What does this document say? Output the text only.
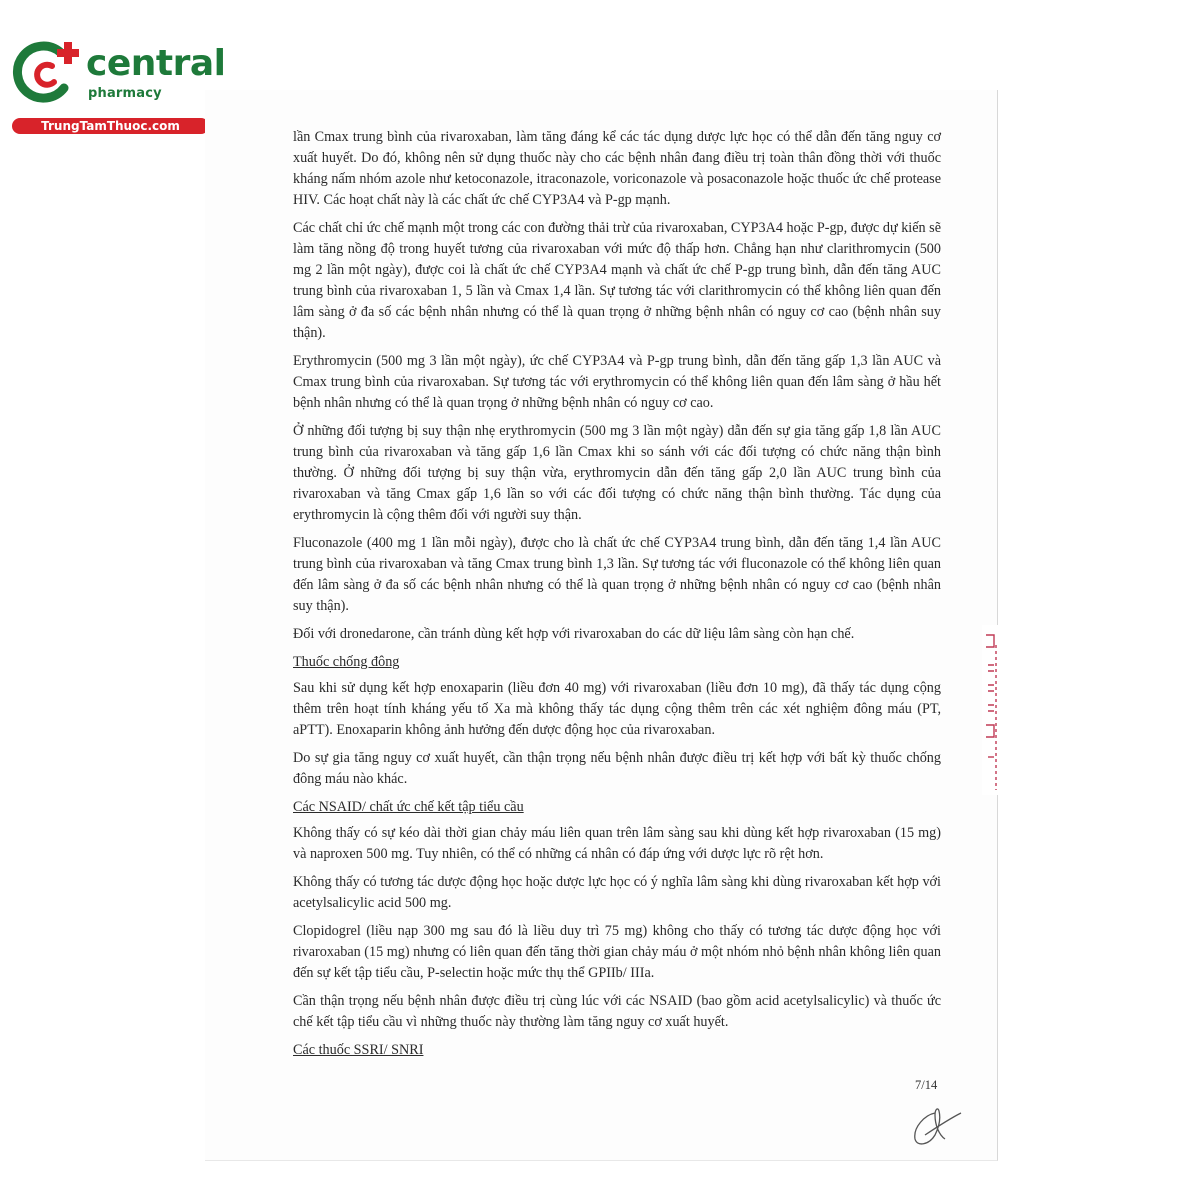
central
pharmacy
TrungTamThuoc.com

lần Cmax trung bình của rivaroxaban, làm tăng đáng kể các tác dụng dược lực học có thể dẫn đến tăng nguy cơ xuất huyết. Do đó, không nên sử dụng thuốc này cho các bệnh nhân đang điều trị toàn thân đồng thời với thuốc kháng nấm nhóm azole như ketoconazole, itraconazole, voriconazole và posaconazole hoặc thuốc ức chế protease HIV. Các hoạt chất này là các chất ức chế CYP3A4 và P-gp mạnh.

Các chất chỉ ức chế mạnh một trong các con đường thải trừ của rivaroxaban, CYP3A4 hoặc P-gp, được dự kiến sẽ làm tăng nồng độ trong huyết tương của rivaroxaban với mức độ thấp hơn. Chẳng hạn như clarithromycin (500 mg 2 lần một ngày), được coi là chất ức chế CYP3A4 mạnh và chất ức chế P-gp trung bình, dẫn đến tăng AUC trung bình của rivaroxaban 1, 5 lần và Cmax 1,4 lần. Sự tương tác với clarithromycin có thể không liên quan đến lâm sàng ở đa số các bệnh nhân nhưng có thể là quan trọng ở những bệnh nhân có nguy cơ cao (bệnh nhân suy thận).

Erythromycin (500 mg 3 lần một ngày), ức chế CYP3A4 và P-gp trung bình, dẫn đến tăng gấp 1,3 lần AUC và Cmax trung bình của rivaroxaban. Sự tương tác với erythromycin có thể không liên quan đến lâm sàng ở hầu hết bệnh nhân nhưng có thể là quan trọng ở những bệnh nhân có nguy cơ cao.

Ở những đối tượng bị suy thận nhẹ erythromycin (500 mg 3 lần một ngày) dẫn đến sự gia tăng gấp 1,8 lần AUC trung bình của rivaroxaban và tăng gấp 1,6 lần Cmax khi so sánh với các đối tượng có chức năng thận bình thường. Ở những đối tượng bị suy thận vừa, erythromycin dẫn đến tăng gấp 2,0 lần AUC trung bình của rivaroxaban và tăng Cmax gấp 1,6 lần so với các đối tượng có chức năng thận bình thường. Tác dụng của erythromycin là cộng thêm đối với người suy thận.

Fluconazole (400 mg 1 lần mỗi ngày), được cho là chất ức chế CYP3A4 trung bình, dẫn đến tăng 1,4 lần AUC trung bình của rivaroxaban và tăng Cmax trung bình 1,3 lần. Sự tương tác với fluconazole có thể không liên quan đến lâm sàng ở đa số các bệnh nhân nhưng có thể là quan trọng ở những bệnh nhân có nguy cơ cao (bệnh nhân suy thận).

Đối với dronedarone, cần tránh dùng kết hợp với rivaroxaban do các dữ liệu lâm sàng còn hạn chế.

Thuốc chống đông

Sau khi sử dụng kết hợp enoxaparin (liều đơn 40 mg) với rivaroxaban (liều đơn 10 mg), đã thấy tác dụng cộng thêm trên hoạt tính kháng yếu tố Xa mà không thấy tác dụng cộng thêm trên các xét nghiệm đông máu (PT, aPTT). Enoxaparin không ảnh hưởng đến dược động học của rivaroxaban.

Do sự gia tăng nguy cơ xuất huyết, cần thận trọng nếu bệnh nhân được điều trị kết hợp với bất kỳ thuốc chống đông máu nào khác.

Các NSAID/ chất ức chế kết tập tiểu cầu

Không thấy có sự kéo dài thời gian chảy máu liên quan trên lâm sàng sau khi dùng kết hợp rivaroxaban (15 mg) và naproxen 500 mg. Tuy nhiên, có thể có những cá nhân có đáp ứng với dược lực rõ rệt hơn.

Không thấy có tương tác dược động học hoặc dược lực học có ý nghĩa lâm sàng khi dùng rivaroxaban kết hợp với acetylsalicylic acid 500 mg.

Clopidogrel (liều nạp 300 mg sau đó là liều duy trì 75 mg) không cho thấy có tương tác dược động học với rivaroxaban (15 mg) nhưng có liên quan đến tăng thời gian chảy máu ở một nhóm nhỏ bệnh nhân không liên quan đến sự kết tập tiểu cầu, P-selectin hoặc mức thụ thể GPIIb/ IIIa.

Cần thận trọng nếu bệnh nhân được điều trị cùng lúc với các NSAID (bao gồm acid acetylsalicylic) và thuốc ức chế kết tập tiểu cầu vì những thuốc này thường làm tăng nguy cơ xuất huyết.

Các thuốc SSRI/ SNRI
7/14
